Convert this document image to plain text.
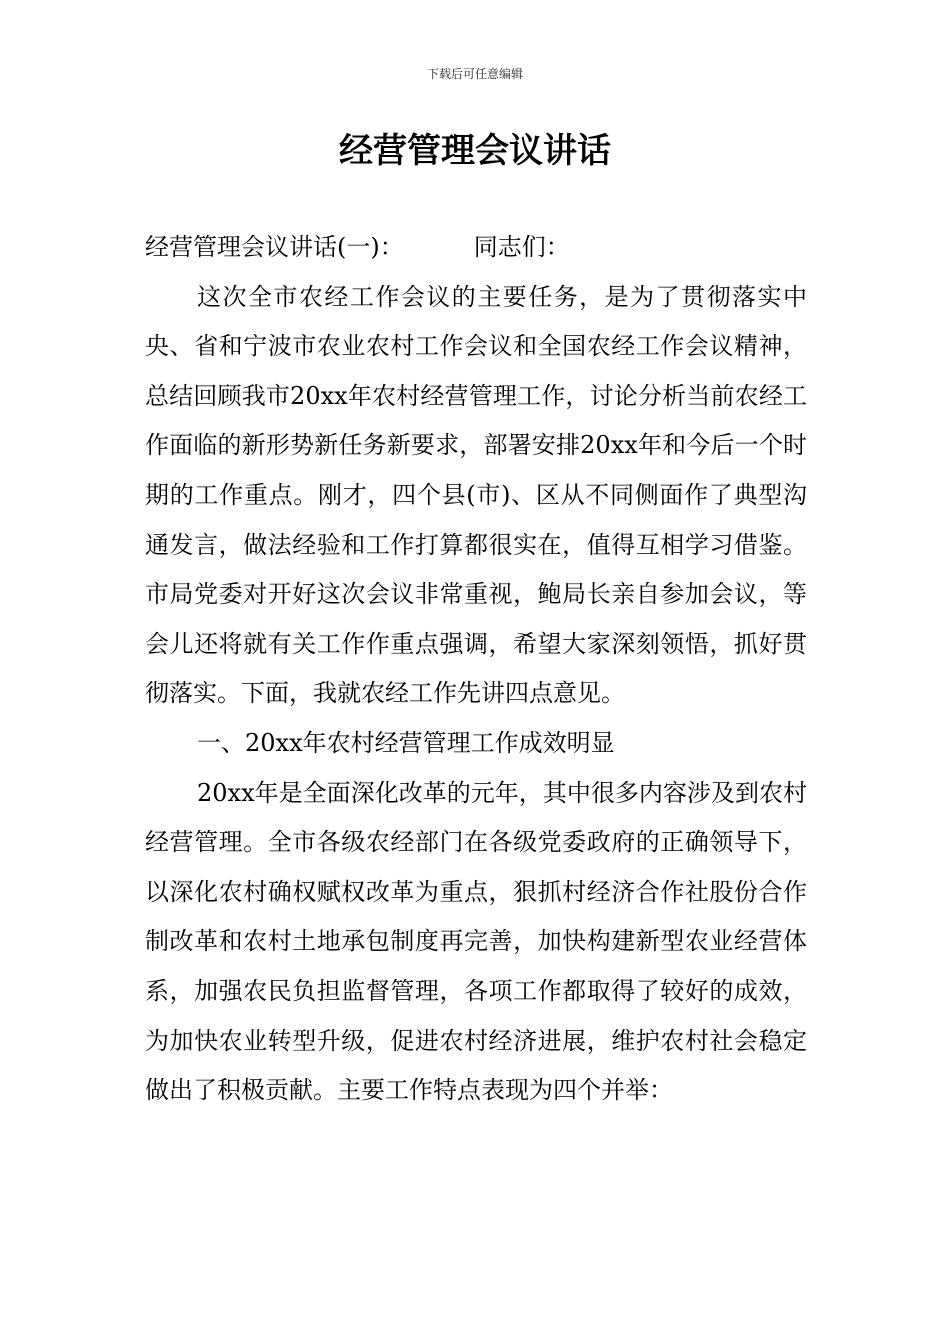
下载后可任意编辑
经营管理会议讲话

经营管理会议讲话(一)：	同志们：

这次全市农经工作会议的主要任务，是为了贯彻落实中央、省和宁波市农业农村工作会议和全国农经工作会议精神，总结回顾我市20xx年农村经营管理工作，讨论分析当前农经工作面临的新形势新任务新要求，部署安排20xx年和今后一个时期的工作重点。刚才，四个县(市)、区从不同侧面作了典型沟通发言，做法经验和工作打算都很实在，值得互相学习借鉴。市局党委对开好这次会议非常重视，鲍局长亲自参加会议，等会儿还将就有关工作作重点强调，希望大家深刻领悟，抓好贯彻落实。下面，我就农经工作先讲四点意见。

一、20xx年农村经营管理工作成效明显

20xx年是全面深化改革的元年，其中很多内容涉及到农村经营管理。全市各级农经部门在各级党委政府的正确领导下，以深化农村确权赋权改革为重点，狠抓村经济合作社股份合作制改革和农村土地承包制度再完善，加快构建新型农业经营体系，加强农民负担监督管理，各项工作都取得了较好的成效，为加快农业转型升级，促进农村经济进展，维护农村社会稳定做出了积极贡献。主要工作特点表现为四个并举：
